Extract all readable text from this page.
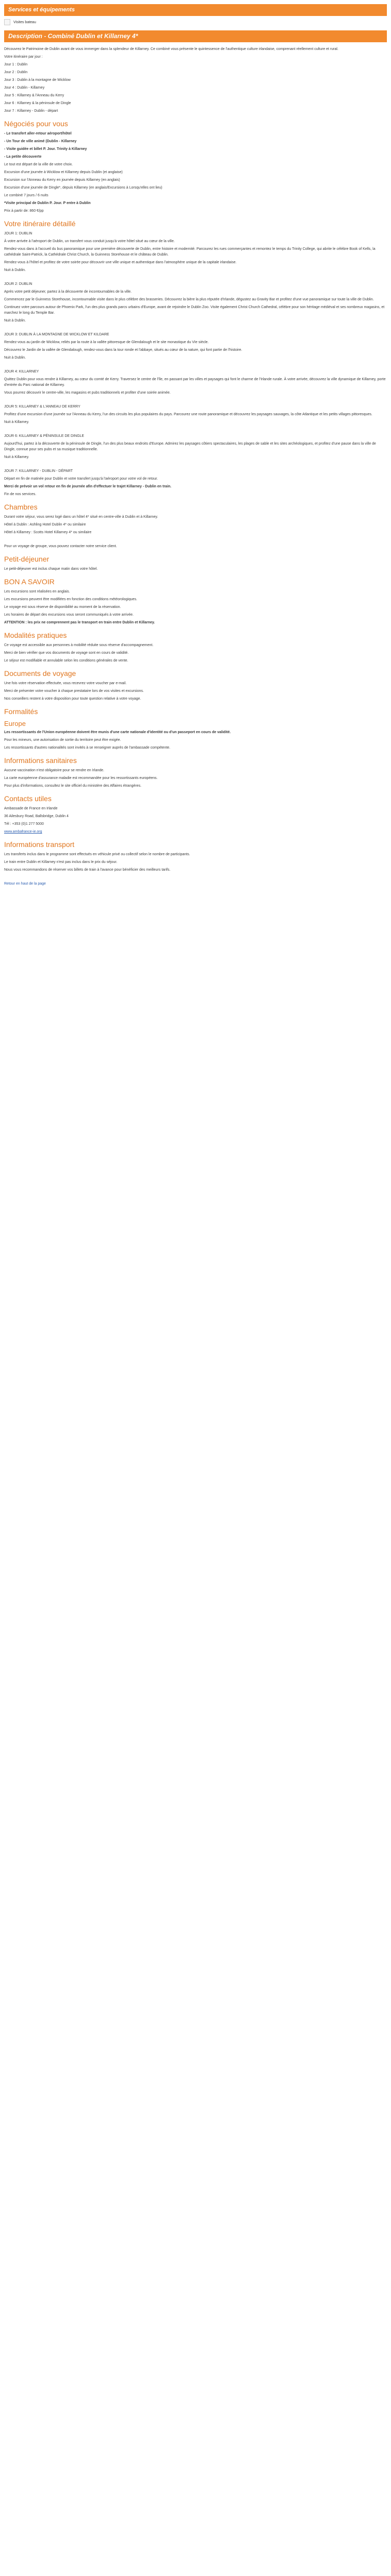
Services et équipements
Visites bateau
Description - Combiné Dublin et Killarney 4*

Découvrez le Patrimoine de Dublin avant de vous immerger dans la splendeur de Killarney. Ce combiné vous présente le quintessence de l'authentique culture irlandaise, comprenant réellement culture et rural.

Votre itinéraire par jour :

Jour 1 : Dublin

Jour 2 : Dublin

Jour 3 : Dublin à la montagne de Wicklow

Jour 4 : Dublin - Killarney

Jour 5 : Killarney & l'Anneau du Kerry

Jour 6 : Killarney & la péninsule de Dingle

Jour 7 : Killarney - Dublin - départ

Négociés pour vous

- Le transfert aller-retour aéroport/hôtel

- Un Tour de ville animé (Dublin - Killarney

- Visite guidée et billet P. Jour. Trinity à Killarney

- La petite découverte

Le tout est départ de la ville de votre choix.

Excursion d'une journée à Wicklow et Killarney depuis Dublin (et anglaise)

Excursion sur l'Anneau du Kerry en journée depuis Killarney (en anglais)

Excursion d'une journée de Dingle*, depuis Killarney (en anglais/Excursions à Lorsqu'elles ont lieu)

Le combiné 7 jours / 6 nuits

*Visite principal de Dublin P. Jour. P entre à Dublin

Prix à partir de: 860 €/pp

Votre itinéraire détaillé

JOUR 1: DUBLIN

À votre arrivée à l'aéroport de Dublin, un transfert vous conduit jusqu'à votre hôtel situé au cœur de la ville.

Rendez-vous dans à l'accueil du bus panoramique pour une première découverte de Dublin, entre histoire et modernité. Parcourez les rues commerçantes et remontez le temps du Trinity College, qui abrite le célèbre Book of Kells, la cathédrale Saint-Patrick, la Cathédrale Christ Church, la Guinness Storehouse et le château de Dublin.

Rendez-vous à l'hôtel et profitez de votre soirée pour découvrir une ville unique et authentique dans l'atmosphère unique de la capitale irlandaise.

Nuit à Dublin.

JOUR 2: DUBLIN

Après votre petit déjeuner, partez à la découverte de incontournables de la ville.

Commencez par le Guinness Storehouse, incontournable visite dans le plus célèbre des brasseries. Découvrez la bière la plus réputée d'Irlande, dégustez au Gravity Bar et profitez d'une vue panoramique sur toute la ville de Dublin.

Continuez votre parcours autour de Phoenix Park, l'un des plus grands parcs urbains d'Europe, avant de rejoindre le Dublin Zoo. Visite également Christ Church Cathedral, célèbre pour son héritage médiéval et ses nombreux magasins, et marchez le long du Temple Bar.

Nuit à Dublin.

JOUR 3: DUBLIN À LA MONTAGNE DE WICKLOW ET KILDARE

Rendez-vous au jardin de Wicklow, reliés par la route à la vallée pittoresque de Glendalough et le site monastique du VIe siècle.

Découvrez le Jardin de la vallée de Glendalough, rendez-vous dans la tour ronde et l'abbaye, situés au cœur de la nature, qui font partie de l'histoire.

Nuit à Dublin.

JOUR 4: KILLARNEY

Quittez Dublin pour vous rendre à Killarney, au cœur du comté de Kerry. Traversez le centre de l'île, en passant par les villes et paysages qui font le charme de l'Irlande rurale. À votre arrivée, découvrez la ville dynamique de Killarney, porte d'entrée du Parc national de Killarney.

Vous pourrez découvrir le centre-ville, les magasins et pubs traditionnels et profiter d'une soirée animée.

JOUR 5: KILLARNEY & L'ANNEAU DE KERRY

Profitez d'une excursion d'une journée sur l'Anneau du Kerry, l'un des circuits les plus populaires du pays. Parcourez une route panoramique et découvrez les paysages sauvages, la côte Atlantique et les petits villages pittoresques.

Nuit à Killarney.

JOUR 6: KILLARNEY & PÉNINSULE DE DINGLE

Aujourd'hui, partez à la découverte de la péninsule de Dingle, l'un des plus beaux endroits d'Europe. Admirez les paysages côtiers spectaculaires, les plages de sable et les sites archéologiques, et profitez d'une pause dans la ville de Dingle, connue pour ses pubs et sa musique traditionnelle.

Nuit à Killarney.

JOUR 7: KILLARNEY - DUBLIN - DÉPART

Départ en fin de matinée pour Dublin et votre transfert jusqu'à l'aéroport pour votre vol de retour.

Merci de prévoir un vol retour en fin de journée afin d'effectuer le trajet Killarney - Dublin en train.

Fin de nos services.

Chambres

Durant votre séjour, vous serez logé dans un hôtel 4* situé en centre-ville à Dublin et à Killarney.

Hôtel à Dublin : Ashling Hotel Dublin 4* ou similaire

Hôtel à Killarney : Scotts Hotel Killarney 4* ou similaire

Pour un voyage de groupe, vous pouvez contacter notre service client.

Petit-déjeuner

Le petit-déjeuner est inclus chaque matin dans votre hôtel.

BON A SAVOIR

Les excursions sont réalisées en anglais.

Les excursions peuvent être modifiées en fonction des conditions météorologiques.

Le voyage est sous réserve de disponibilité au moment de la réservation.

Les horaires de départ des excursions vous seront communiqués à votre arrivée.

ATTENTION : les prix ne comprennent pas le transport en train entre Dublin et Killarney.

Modalités pratiques

Ce voyage est accessible aux personnes à mobilité réduite sous réserve d'accompagnement.

Merci de bien vérifier que vos documents de voyage sont en cours de validité.

Le séjour est modifiable et annulable selon les conditions générales de vente.

Documents de voyage

Une fois votre réservation effectuée, vous recevrez votre voucher par e-mail.

Merci de présenter votre voucher à chaque prestataire lors de vos visites et excursions.

Nos conseillers restent à votre disposition pour toute question relative à votre voyage.

Formalités
Europe

Les ressortissants de l'Union européenne doivent être munis d'une carte nationale d'identité ou d'un passeport en cours de validité.

Pour les mineurs, une autorisation de sortie du territoire peut être exigée.

Les ressortissants d'autres nationalités sont invités à se renseigner auprès de l'ambassade compétente.

Informations sanitaires

Aucune vaccination n'est obligatoire pour se rendre en Irlande.

La carte européenne d'assurance maladie est recommandée pour les ressortissants européens.

Pour plus d'informations, consultez le site officiel du ministère des Affaires étrangères.

Contacts utiles

Ambassade de France en Irlande

36 Ailesbury Road, Ballsbridge, Dublin 4

Tél : +353 (0)1 277 5000

www.ambafrance-ie.org

Informations transport

Les transferts inclus dans le programme sont effectués en véhicule privé ou collectif selon le nombre de participants.

Le train entre Dublin et Killarney n'est pas inclus dans le prix du séjour.

Nous vous recommandons de réserver vos billets de train à l'avance pour bénéficier des meilleurs tarifs.

Retour en haut de la page
